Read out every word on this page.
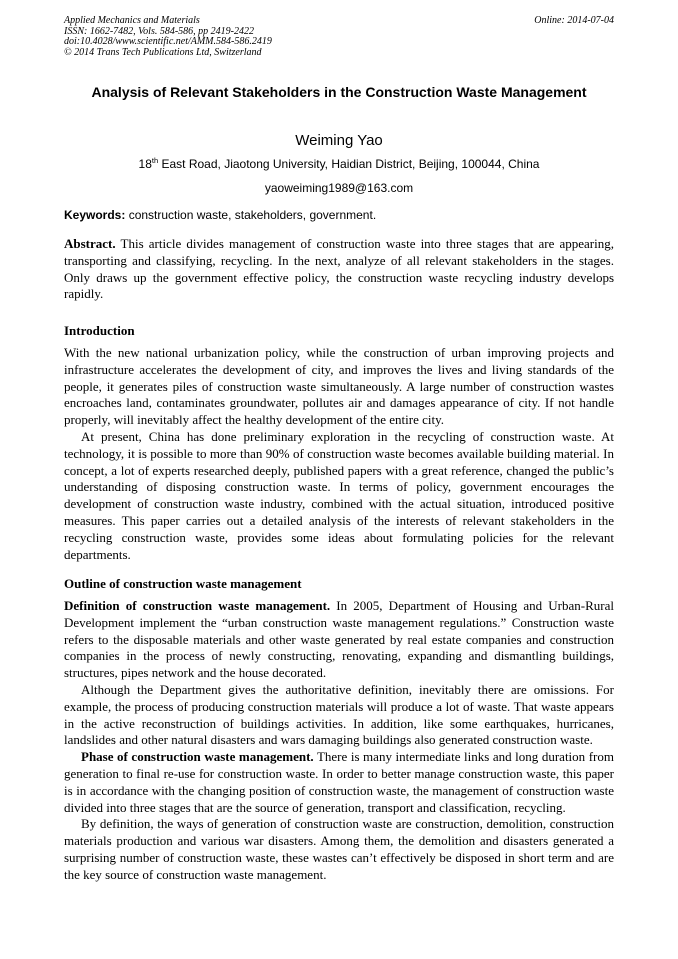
Applied Mechanics and Materials	Online: 2014-07-04
ISSN: 1662-7482, Vols. 584-586, pp 2419-2422
doi:10.4028/www.scientific.net/AMM.584-586.2419
© 2014 Trans Tech Publications Ltd, Switzerland
Analysis of Relevant Stakeholders in the Construction Waste Management
Weiming Yao
18th East Road, Jiaotong University, Haidian District, Beijing, 100044, China
yaoweiming1989@163.com
Keywords: construction waste, stakeholders, government.

Abstract. This article divides management of construction waste into three stages that are appearing, transporting and classifying, recycling. In the next, analyze of all relevant stakeholders in the stages. Only draws up the government effective policy, the construction waste recycling industry develops rapidly.

Introduction

With the new national urbanization policy, while the construction of urban improving projects and infrastructure accelerates the development of city, and improves the lives and living standards of the people, it generates piles of construction waste simultaneously. A large number of construction wastes encroaches land, contaminates groundwater, pollutes air and damages appearance of city. If not handle properly, will inevitably affect the healthy development of the entire city.

At present, China has done preliminary exploration in the recycling of construction waste. At technology, it is possible to more than 90% of construction waste becomes available building material. In concept, a lot of experts researched deeply, published papers with a great reference, changed the public’s understanding of disposing construction waste. In terms of policy, government encourages the development of construction waste industry, combined with the actual situation, introduced positive measures. This paper carries out a detailed analysis of the interests of relevant stakeholders in the recycling construction waste, provides some ideas about formulating policies for the relevant departments.

Outline of construction waste management

Definition of construction waste management. In 2005, Department of Housing and Urban-Rural Development implement the “urban construction waste management regulations.” Construction waste refers to the disposable materials and other waste generated by real estate companies and construction companies in the process of newly constructing, renovating, expanding and dismantling buildings, structures, pipes network and the house decorated.

Although the Department gives the authoritative definition, inevitably there are omissions. For example, the process of producing construction materials will produce a lot of waste. That waste appears in the active reconstruction of buildings activities. In addition, like some earthquakes, hurricanes, landslides and other natural disasters and wars damaging buildings also generated construction waste.

Phase of construction waste management. There is many intermediate links and long duration from generation to final re-use for construction waste. In order to better manage construction waste, this paper is in accordance with the changing position of construction waste, the management of construction waste divided into three stages that are the source of generation, transport and classification, recycling.

By definition, the ways of generation of construction waste are construction, demolition, construction materials production and various war disasters. Among them, the demolition and disasters generated a surprising number of construction waste, these wastes can’t effectively be disposed in short term and are the key source of construction waste management.
